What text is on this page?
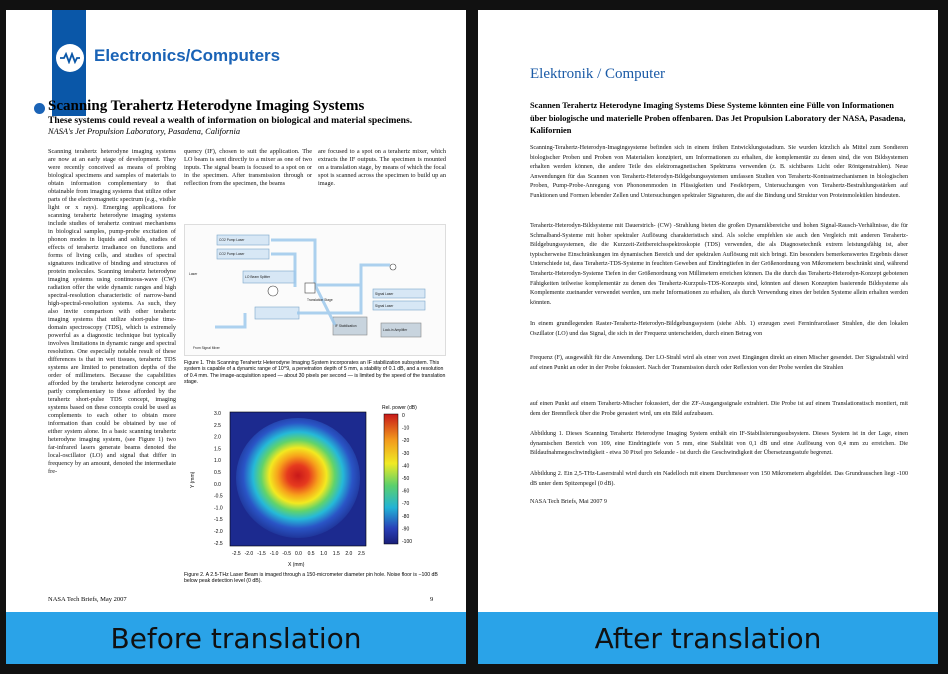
Electronics/Computers
Scanning Terahertz Heterodyne Imaging Systems
These systems could reveal a wealth of information on biological and material specimens.
NASA's Jet Propulsion Laboratory, Pasadena, California
Scanning terahertz heterodyne imaging systems are now at an early stage of development. They were recently conceived as means of probing biological specimens and samples of materials to obtain information complementary to that obtainable from imaging systems that utilize other parts of the electromagnetic spectrum (e.g., visible light or x rays). Emerging applications for scanning terahertz heterodyne imaging systems include studies of terahertz contrast mechanisms in biological samples, pump-probe excitation of phonon modes in liquids and solids, studies of effects of terahertz irradiance on functions and forms of living cells, and studies of spectral signatures indicative of binding and structures of protein molecules. Scanning terahertz heterodyne imaging systems using continuous-wave (CW) radiation offer the wide dynamic ranges and high spectral-resolution characteristic of narrow-band high-spectral-resolution systems. As such, they also invite comparison with other terahertz imaging systems that utilize short-pulse time-domain spectroscopy (TDS), which is extremely powerful as a diagnostic technique but typically involves limitations in dynamic range and spectral resolution. One especially notable result of these differences is that in wet tissues, terahertz TDS systems are limited to penetration depths of the order of millimeters. Because the capabilities afforded by the terahertz heterodyne concept are partly complementary to those afforded by the terahertz short-pulse TDS concept, imaging systems based on these concepts could be used as complements to each other to obtain more information than could be obtained by use of either system alone. In a basic scanning terahertz heterodyne imaging system, (see Figure 1) two far-infrared lasers generate beams denoted the local-oscillator (LO) and signal that differ in frequency by an amount, denoted the intermediate fre-
quency (IF), chosen to suit the application. The LO beam is sent directly to a mixer as one of two inputs. The signal beam is focused to a spot on or in the specimen. After transmission through or reflection from the specimen, the beams
are focused to a spot on a terahertz mixer, which extracts the IF outputs. The specimen is mounted on a translation stage, by means of which the focal spot is scanned across the specimen to build up an image.
CO2 Pump Laser
CO2 Pump Laser
LO Beam Splitter
Signal Laser
Signal Laser
IF Stabilization
Lock-in Amplifier
Translation Stage
Laser
From Signal Mixer
Figure 1. This Scanning Terahertz Heterodyne Imaging System incorporates an IF stabilization subsystem. This system is capable of a dynamic range of 10^9, a penetration depth of 5 mm, a stability of 0.1 dB, and a resolution of 0.4 mm. The image-acquisition speed — about 30 pixels per second — is limited by the speed of the translation stage.
Rel. power (dB)
Y (mm)
X (mm)
3.0
2.5
2.0
1.5
1.0
0.5
0.0
-0.5
-1.0
-1.5
-2.0
-2.5
-2.5 -2.0 -1.5 -1.0 -0.5 0.0 0.5 1.0 1.5 2.0 2.5
0
-10
-20
-30
-40
-50
-60
-70
-80
-90
-100
Figure 2. A 2.5-THz Laser Beam is imaged through a 150-micrometer diameter pin hole. Noise floor is −100 dB below peak detection level (0 dB).
NASA Tech Briefs, May 2007	9
Before translation
Elektronik / Computer
Scannen Terahertz Heterodyne Imaging Systems Diese Systeme könnten eine Fülle von Informationen über biologische und materielle Proben offenbaren. Das Jet Propulsion Laboratory der NASA, Pasadena, Kalifornien
Scanning-Terahertz-Heterodyn-Imagingsysteme befinden sich in einem frühen Entwicklungsstadium. Sie wurden kürzlich als Mittel zum Sondieren biologischer Proben und Proben von Materialien konzipiert, um Informationen zu erhalten, die komplementär zu denen sind, die von Bildsystemen erhalten werden können, die andere Teile des elektromagnetischen Spektrums verwenden (z. B. sichtbares Licht oder Röntgenstrahlen). Neue Anwendungen für das Scannen von Terahertz-Heterodyn-Bildgebungssystemen umfassen Studien von Terahertz-Kontrastmechanismen in biologischen Proben, Pump-Probe-Anregung von Phononenmoden in Flüssigkeiten und Festkörpern, Untersuchungen von Terahertz-Bestrahlungsstärken auf Funktionen und Formen lebender Zellen und Untersuchungen spektraler Signaturen, die auf die Bindung und Struktur von Proteinmolekülen hindeuten.
Terahertz-Heterodyn-Bildsysteme mit Dauerstrich- (CW) -Strahlung bieten die großen Dynamikbereiche und hohen Signal-Rausch-Verhältnisse, die für Schmalband-Systeme mit hoher spektraler Auflösung charakteristisch sind. Als solche empfehlen sie auch den Vergleich mit anderen Terahertz-Bildgebungssystemen, die die Kurzzeit-Zeitbereichsspektroskopie (TDS) verwenden, die als Diagnosetechnik extrem leistungsfähig ist, aber typischerweise Einschränkungen im dynamischen Bereich und der spektralen Auflösung mit sich bringt. Ein besonders bemerkenswertes Ergebnis dieser Unterschiede ist, dass Terahertz-TDS-Systeme in feuchten Geweben auf Eindringtiefen in der Größenordnung von Mikrometern beschränkt sind, während Terahertz-Heterodyn-Systeme Tiefen in der Größenordnung von Millimetern erreichen können. Da die durch das Terahertz-Heterodyn-Konzept gebotenen Fähigkeiten teilweise komplementär zu denen des Terahertz-Kurzpuls-TDS-Konzepts sind, könnten auf diesen Konzepten basierende Bildsysteme als Komplemente zueinander verwendet werden, um mehr Informationen zu erhalten, als durch Verwendung eines der beiden Systeme allein erhalten werden könnten.
In einem grundlegenden Raster-Terahertz-Heterodyn-Bildgebungssystem (siehe Abb. 1) erzeugen zwei Ferninfrarotlaser Strahlen, die den lokalen Oszillator (LO) und das Signal, die sich in der Frequenz unterscheiden, durch einen Betrag von
Frequenz (F), ausgewählt für die Anwendung. Der LO-Strahl wird als einer von zwei Eingängen direkt an einen Mischer gesendet. Der Signalstrahl wird auf einen Punkt an oder in der Probe fokussiert. Nach der Transmission durch oder Reflexion von der Probe werden die Strahlen
auf einen Punkt auf einem Terahertz-Mischer fokussiert, der die ZF-Ausgangssignale extrahiert. Die Probe ist auf einem Translationstisch montiert, mit dem der Brennfleck über die Probe gerastert wird, um ein Bild aufzubauen.
Abbildung 1. Dieses Scanning Terahertz Heterodyne Imaging System enthält ein IF-Stabilisierungssubsystem. Dieses System ist in der Lage, einen dynamischen Bereich von 109, eine Eindringtiefe von 5 mm, eine Stabilität von 0,1 dB und eine Auflösung von 0,4 mm zu erreichen. Die Bildaufnahmegeschwindigkeit - etwa 30 Pixel pro Sekunde - ist durch die Geschwindigkeit der Übersetzungsstufe begrenzt.
Abbildung 2. Ein 2,5-THz-Laserstrahl wird durch ein Nadelloch mit einem Durchmesser von 150 Mikrometern abgebildet. Das Grundrauschen liegt -100 dB unter dem Spitzenpegel (0 dB).
NASA Tech Briefs, Mai 2007 9
After translation
